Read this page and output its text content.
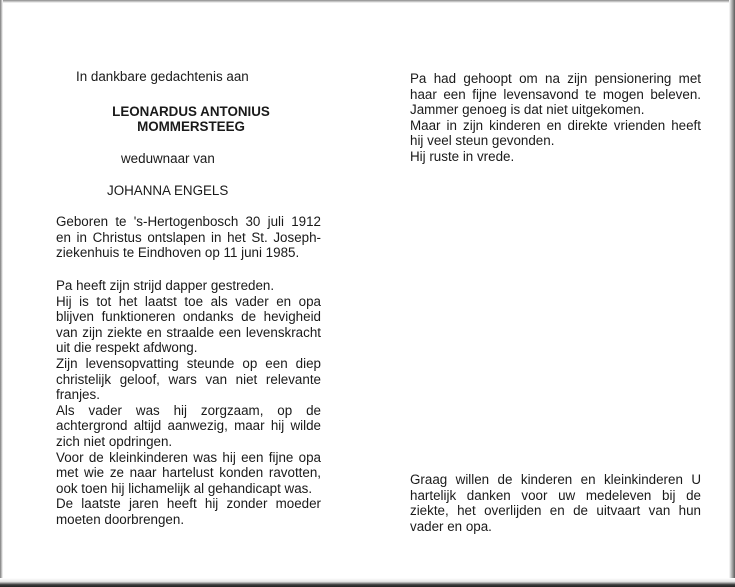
In dankbare gedachtenis aan
LEONARDUS ANTONIUS
MOMMERSTEEG
weduwnaar van
JOHANNA ENGELS

Geboren te 's-Hertogenbosch 30 juli 1912 en in Christus ontslapen in het St. Joseph-ziekenhuis te Eindhoven op 11 juni 1985.

Pa heeft zijn strijd dapper gestreden.

Hij is tot het laatst toe als vader en opa blijven funktioneren ondanks de hevigheid van zijn ziekte en straalde een levenskracht uit die respekt afdwong.

Zijn levensopvatting steunde op een diep christelijk geloof, wars van niet relevante franjes.

Als vader was hij zorgzaam, op de achtergrond altijd aanwezig, maar hij wilde zich niet opdringen.

Voor de kleinkinderen was hij een fijne opa met wie ze naar hartelust konden ravotten, ook toen hij lichamelijk al gehandicapt was.

De laatste jaren heeft hij zonder moeder moeten doorbrengen.

Pa had gehoopt om na zijn pensionering met haar een fijne levensavond te mogen beleven. Jammer genoeg is dat niet uitgekomen.

Maar in zijn kinderen en direkte vrienden heeft hij veel steun gevonden.

Hij ruste in vrede.

Graag willen de kinderen en kleinkinderen U hartelijk danken voor uw medeleven bij de ziekte, het overlijden en de uitvaart van hun vader en opa.
